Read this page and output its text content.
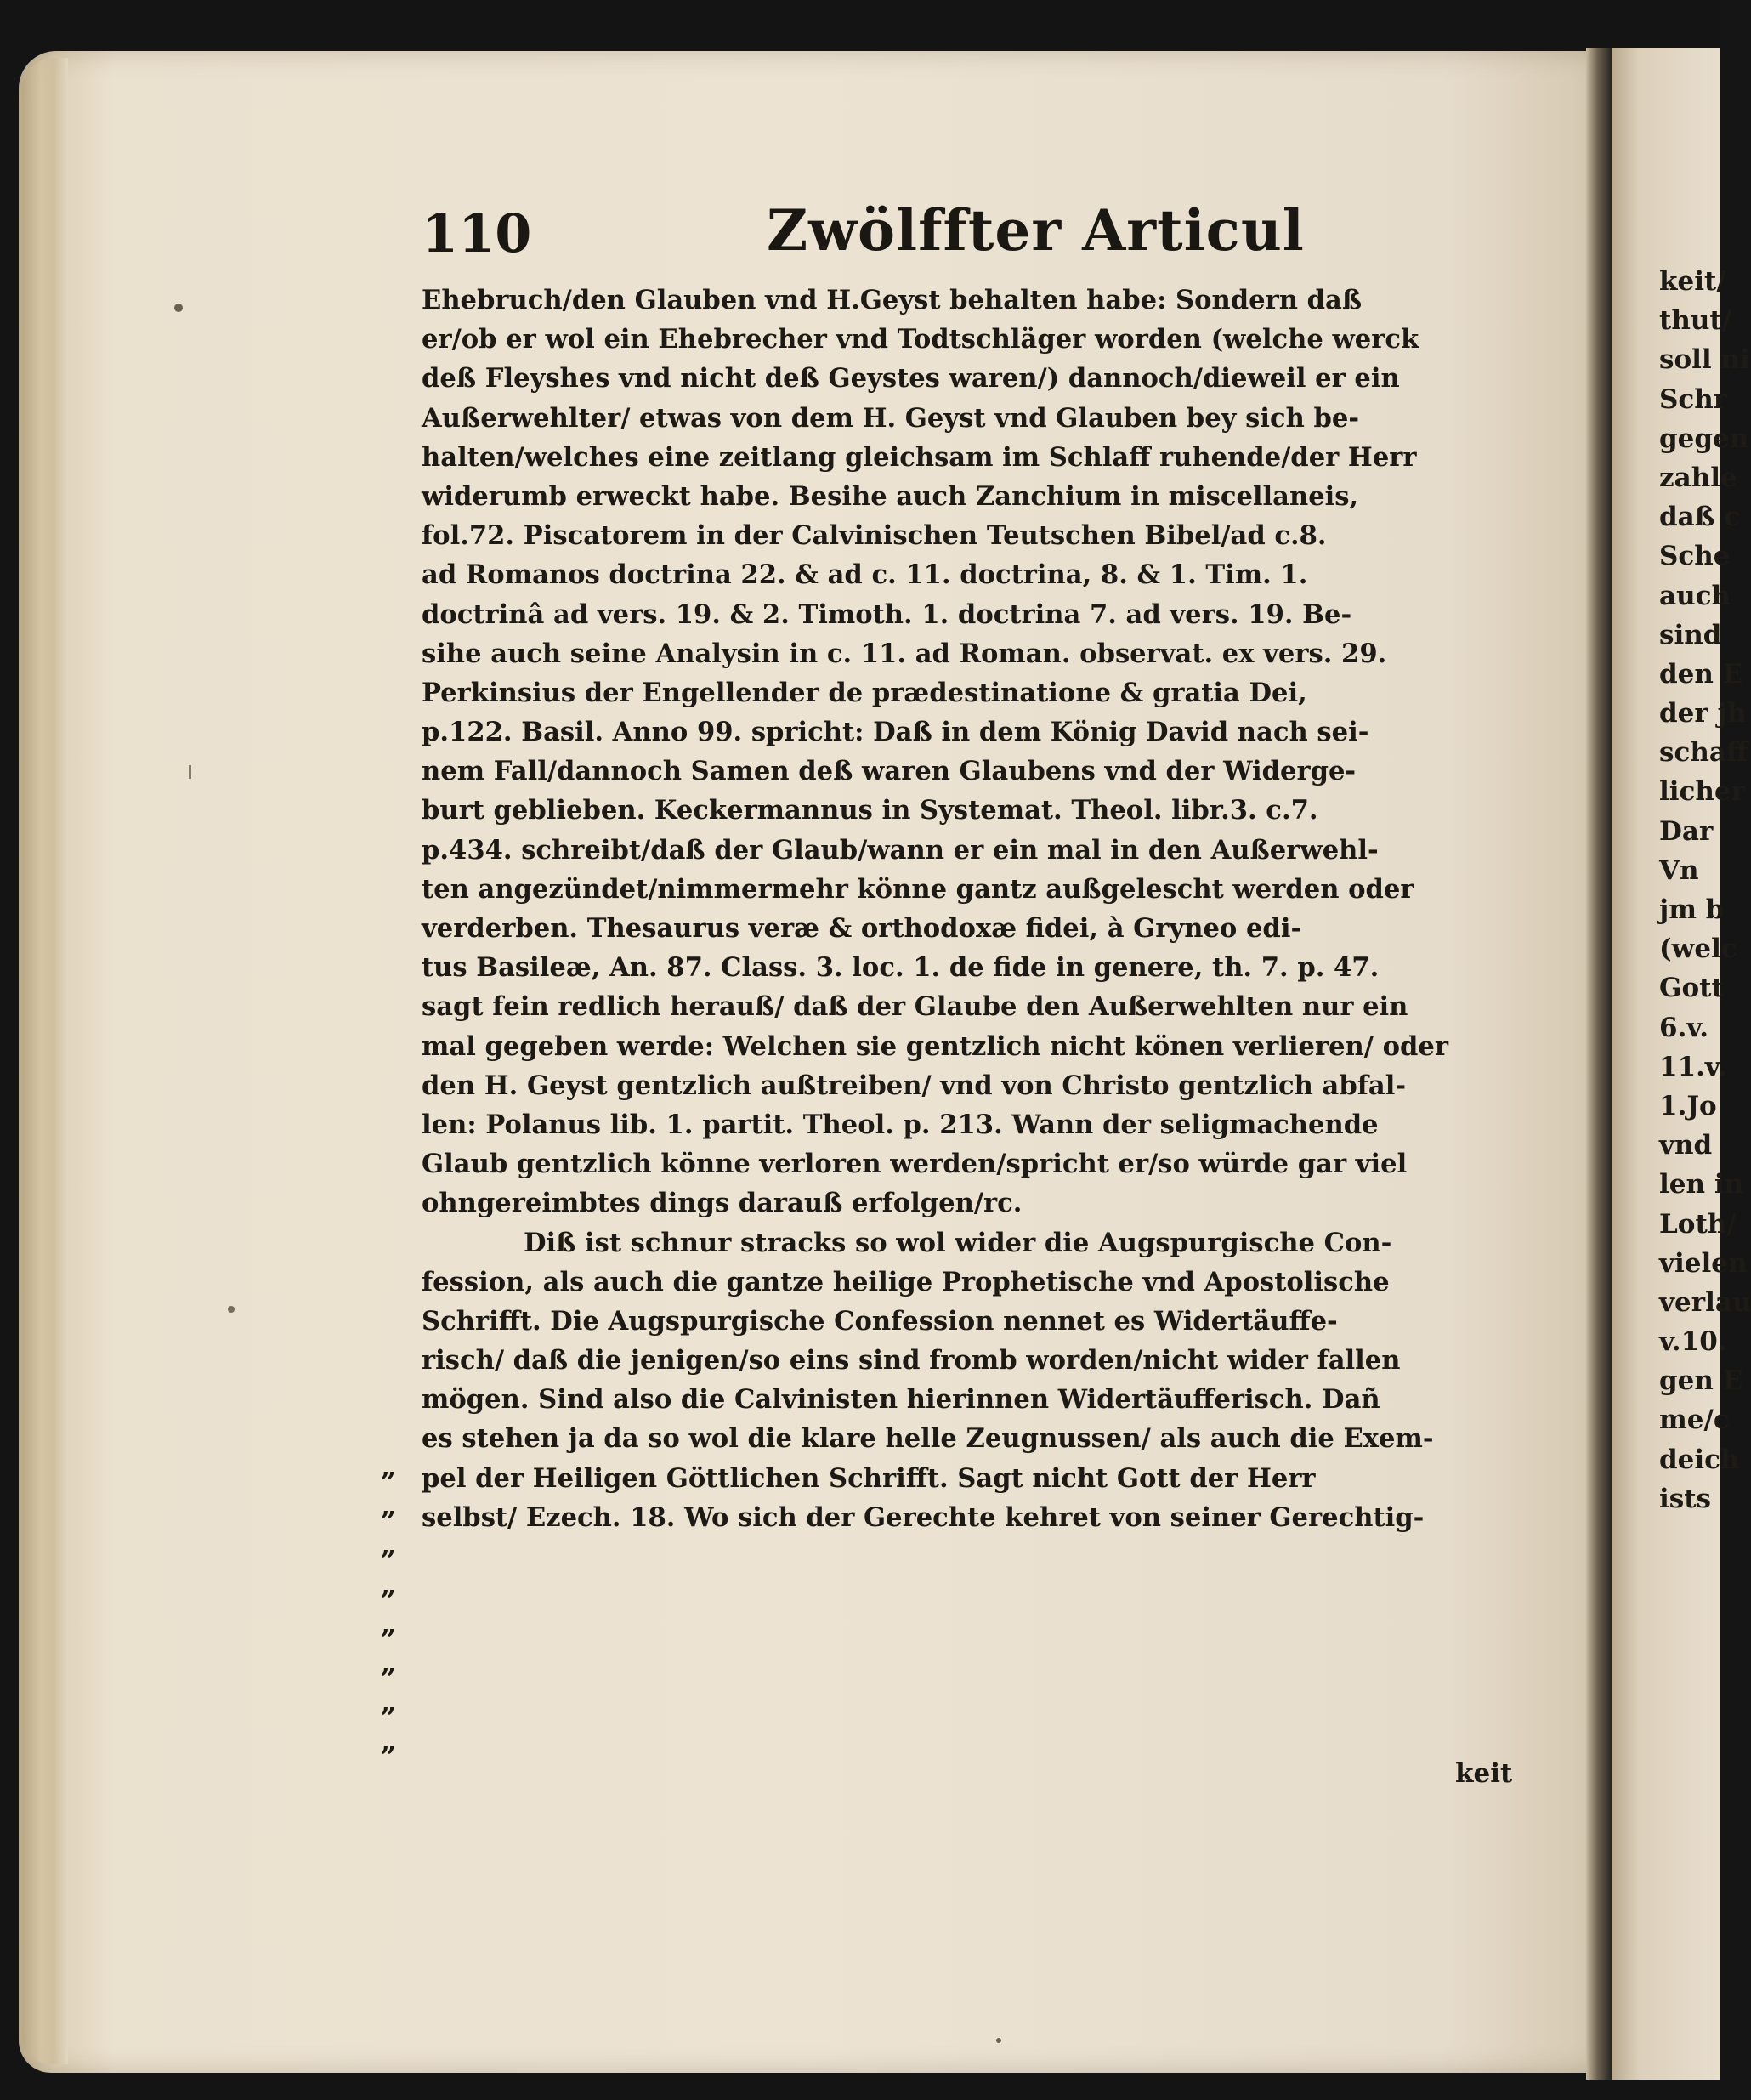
keit/
thut/
soll ni
Schr
gegen
zahle
daß c
Sche
auch
sind
den E
der jh
schaff
licher
Dar
Vn
jm b
(welc
Gott
6.v.
11.v.
1.Jo
vnd
len in
Loth/
vielen
verlau
v.10.
gen E
me/c
deich
ists
110	Zwölffter Articul
Ehebruch/den Glauben vnd H.Geyst behalten habe: Sondern daß
er/ob er wol ein Ehebrecher vnd Todtschläger worden (welche werck
deß Fleyshes vnd nicht deß Geystes waren/) dannoch/dieweil er ein
Außerwehlter/ etwas von dem H. Geyst vnd Glauben bey sich be-
halten/welches eine zeitlang gleichsam im Schlaff ruhende/der Herr
widerumb erweckt habe. Besihe auch Zanchium in miscellaneis,
fol.72. Piscatorem in der Calvinischen Teutschen Bibel/ad c.8.
ad Romanos doctrina 22. & ad c. 11. doctrina, 8. & 1. Tim. 1.
doctrinâ ad vers. 19. & 2. Timoth. 1. doctrina 7. ad vers. 19. Be-
sihe auch seine Analysin in c. 11. ad Roman. observat. ex vers. 29.
Perkinsius der Engellender de prædestinatione & gratia Dei,
p.122. Basil. Anno 99. spricht: Daß in dem König David nach sei-
nem Fall/dannoch Samen deß waren Glaubens vnd der Widerge-
burt geblieben. Keckermannus in Systemat. Theol. libr.3. c.7.
p.434. schreibt/daß der Glaub/wann er ein mal in den Außerwehl-
ten angezündet/nimmermehr könne gantz außgelescht werden oder
verderben. Thesaurus veræ & orthodoxæ fidei, à Gryneo edi-
tus Basileæ, An. 87. Class. 3. loc. 1. de fide in genere, th. 7. p. 47.
sagt fein redlich herauß/ daß der Glaube den Außerwehlten nur ein
mal gegeben werde: Welchen sie gentzlich nicht könen verlieren/ oder
den H. Geyst gentzlich außtreiben/ vnd von Christo gentzlich abfal-
len: Polanus lib. 1. partit. Theol. p. 213. Wann der seligmachende
Glaub gentzlich könne verloren werden/spricht er/so würde gar viel
ohngereimbtes dings darauß erfolgen/rc.
Diß ist schnur stracks so wol wider die Augspurgische Con-
fession, als auch die gantze heilige Prophetische vnd Apostolische
Schrifft. Die Augspurgische Confession nennet es Widertäuffe-
risch/ daß die jenigen/so eins sind fromb worden/nicht wider fallen
mögen. Sind also die Calvinisten hierinnen Widertäufferisch. Dañ
es stehen ja da so wol die klare helle Zeugnussen/ als auch die Exem-
pel der Heiligen Göttlichen Schrifft. Sagt nicht Gott der Herr
selbst/ Ezech. 18. Wo sich der Gerechte kehret von seiner Gerechtig-
„
„
„
„
„
„
„
„
keit
